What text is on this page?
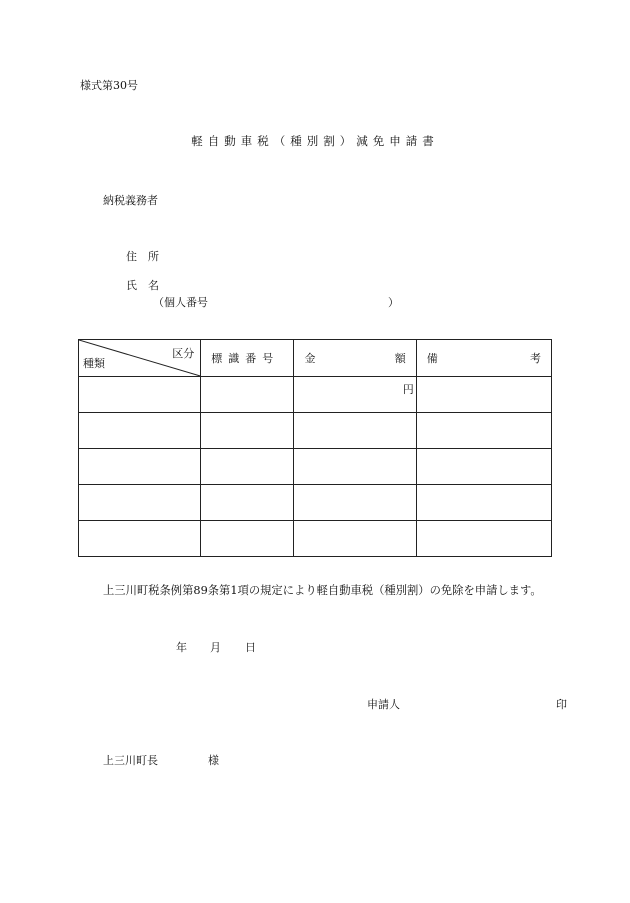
様式第30号
軽自動車税（種別割）減免申請書
納税義務者
住　所
氏　名
（個人番号	）
区分
種類	標識番号	金 額	備 考

		円	

上三川町税条例第89条第1項の規定により軽自動車税（種別割）の免除を申請します。
年 月 日
申請人	印
上三川町長	様
